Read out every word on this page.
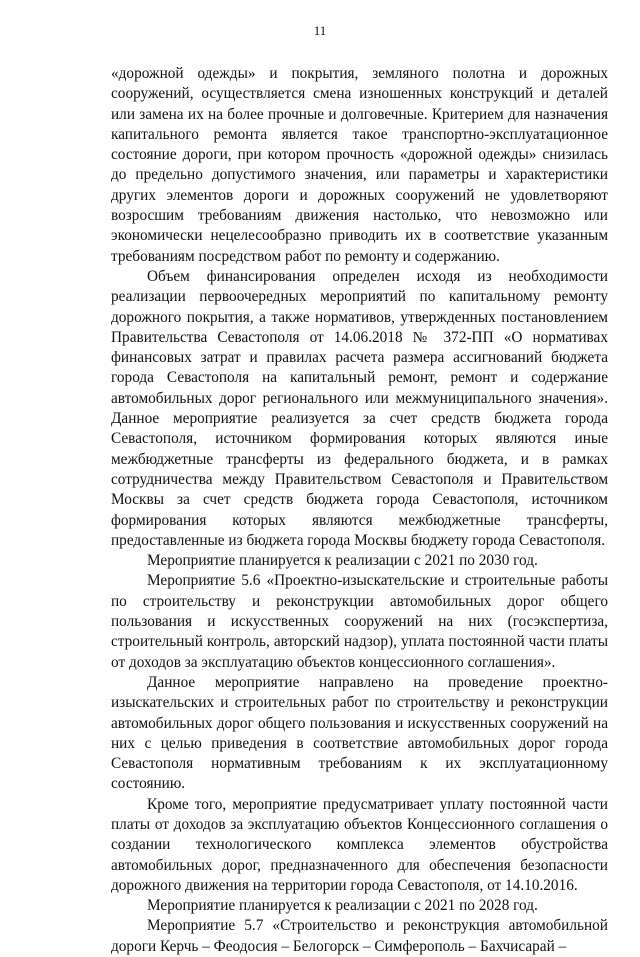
11

«дорожной одежды» и покрытия, земляного полотна и дорожных сооружений, осуществляется смена изношенных конструкций и деталей или замена их на более прочные и долговечные. Критерием для назначения капитального ремонта является такое транспортно-эксплуатационное состояние дороги, при котором прочность «дорожной одежды» снизилась до предельно допустимого значения, или параметры и характеристики других элементов дороги и дорожных сооружений не удовлетворяют возросшим требованиям движения настолько, что невозможно или экономически нецелесообразно приводить их в соответствие указанным требованиям посредством работ по ремонту и содержанию.

Объем финансирования определен исходя из необходимости реализации первоочередных мероприятий по капитальному ремонту дорожного покрытия, а также нормативов, утвержденных постановлением Правительства Севастополя от 14.06.2018 № 372-ПП «О нормативах финансовых затрат и правилах расчета размера ассигнований бюджета города Севастополя на капитальный ремонт, ремонт и содержание автомобильных дорог регионального или межмуниципального значения». Данное мероприятие реализуется за счет средств бюджета города Севастополя, источником формирования которых являются иные межбюджетные трансферты из федерального бюджета, и в рамках сотрудничества между Правительством Севастополя и Правительством Москвы за счет средств бюджета города Севастополя, источником формирования которых являются межбюджетные трансферты, предоставленные из бюджета города Москвы бюджету города Севастополя.

Мероприятие планируется к реализации с 2021 по 2030 год.

Мероприятие 5.6 «Проектно-изыскательские и строительные работы по строительству и реконструкции автомобильных дорог общего пользования и искусственных сооружений на них (госэкспертиза, строительный контроль, авторский надзор), уплата постоянной части платы от доходов за эксплуатацию объектов концессионного соглашения».

Данное мероприятие направлено на проведение проектно-изыскательских и строительных работ по строительству и реконструкции автомобильных дорог общего пользования и искусственных сооружений на них с целью приведения в соответствие автомобильных дорог города Севастополя нормативным требованиям к их эксплуатационному состоянию.

Кроме того, мероприятие предусматривает уплату постоянной части платы от доходов за эксплуатацию объектов Концессионного соглашения о создании технологического комплекса элементов обустройства автомобильных дорог, предназначенного для обеспечения безопасности дорожного движения на территории города Севастополя, от 14.10.2016.

Мероприятие планируется к реализации с 2021 по 2028 год.

Мероприятие 5.7 «Строительство и реконструкция автомобильной дороги Керчь – Феодосия – Белогорск – Симферополь – Бахчисарай –
